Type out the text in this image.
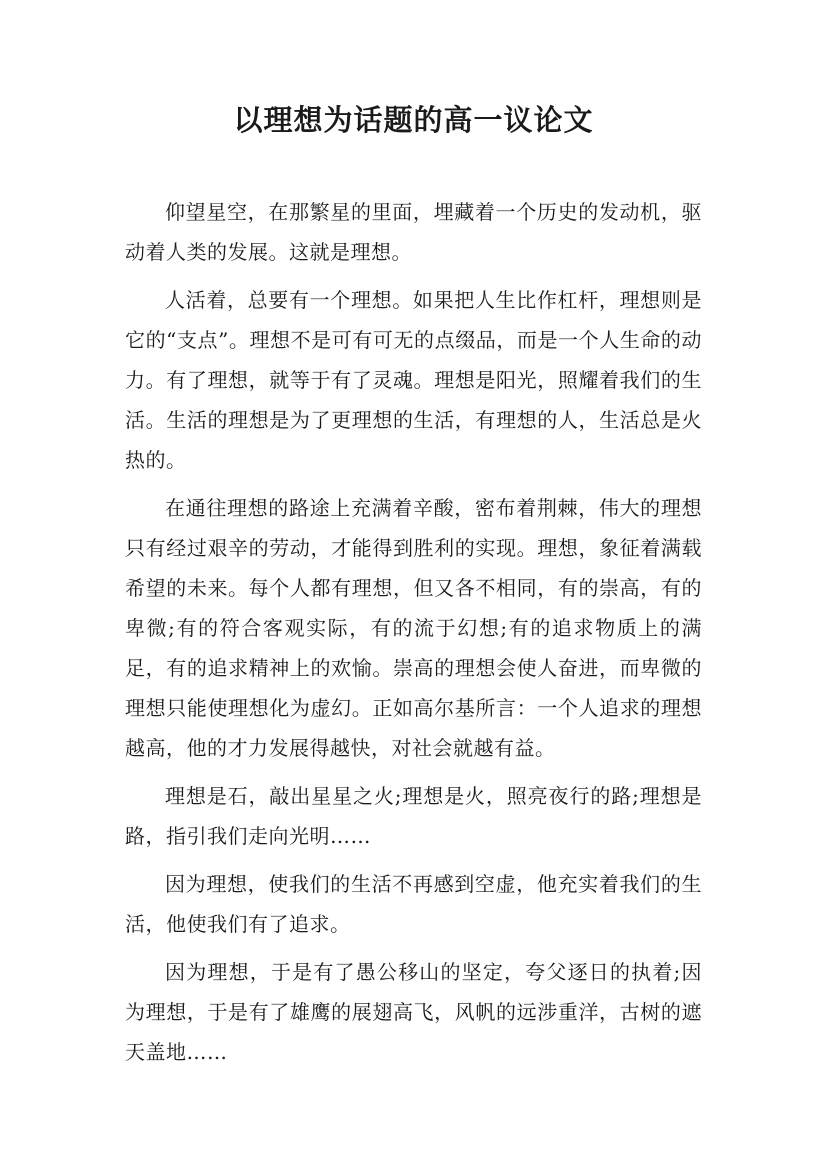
以理想为话题的高一议论文

仰望星空，在那繁星的里面，埋藏着一个历史的发动机，驱动着人类的发展。这就是理想。

人活着，总要有一个理想。如果把人生比作杠杆，理想则是它的“支点”。理想不是可有可无的点缀品，而是一个人生命的动力。有了理想，就等于有了灵魂。理想是阳光，照耀着我们的生活。生活的理想是为了更理想的生活，有理想的人，生活总是火热的。

在通往理想的路途上充满着辛酸，密布着荆棘，伟大的理想只有经过艰辛的劳动，才能得到胜利的实现。理想，象征着满载希望的未来。每个人都有理想，但又各不相同，有的崇高，有的卑微;有的符合客观实际，有的流于幻想;有的追求物质上的满足，有的追求精神上的欢愉。崇高的理想会使人奋进，而卑微的理想只能使理想化为虚幻。正如高尔基所言：一个人追求的理想越高，他的才力发展得越快，对社会就越有益。

理想是石，敲出星星之火;理想是火，照亮夜行的路;理想是路，指引我们走向光明……

因为理想，使我们的生活不再感到空虚，他充实着我们的生活，他使我们有了追求。

因为理想，于是有了愚公移山的坚定，夸父逐日的执着;因为理想，于是有了雄鹰的展翅高飞，风帆的远涉重洋，古树的遮天盖地……
